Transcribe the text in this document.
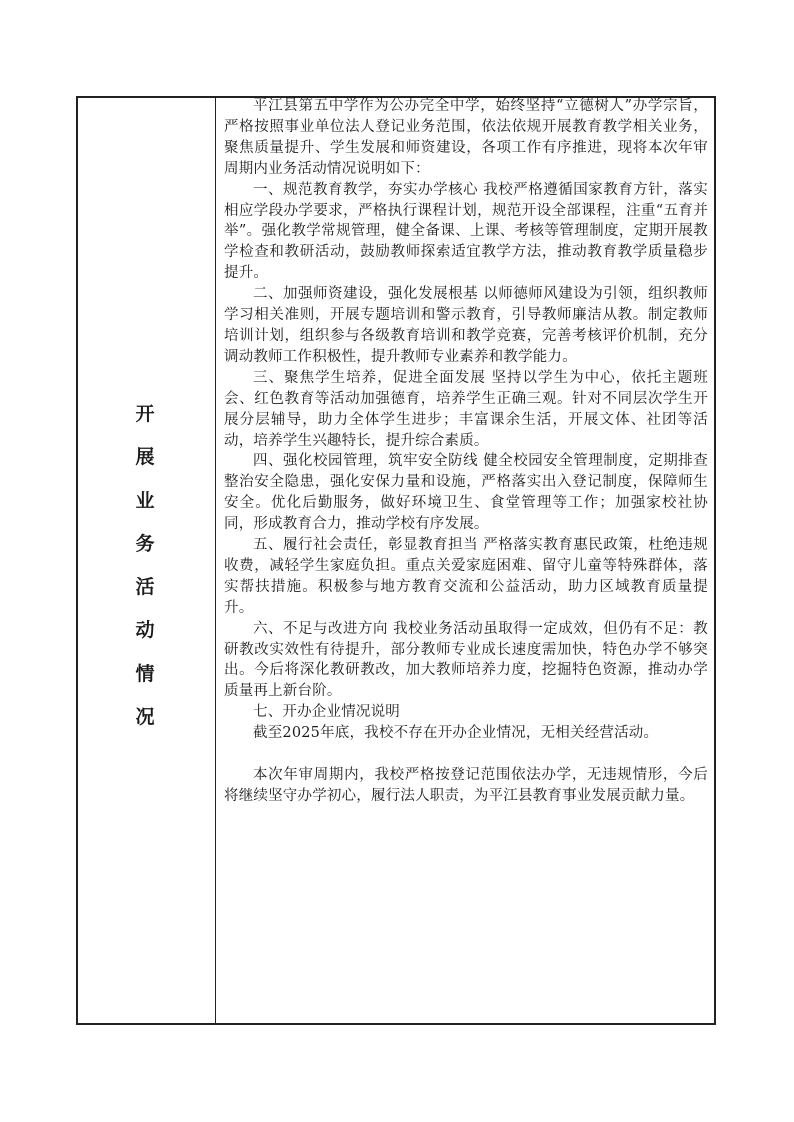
开
展
业
务
活
动
情
况

平江县第五中学作为公办完全中学，始终坚持“立德树人”办学宗旨，严格按照事业单位法人登记业务范围，依法依规开展教育教学相关业务，聚焦质量提升、学生发展和师资建设，各项工作有序推进，现将本次年审周期内业务活动情况说明如下：

一、规范教育教学，夯实办学核心 我校严格遵循国家教育方针，落实相应学段办学要求，严格执行课程计划，规范开设全部课程，注重“五育并举”。强化教学常规管理，健全备课、上课、考核等管理制度，定期开展教学检查和教研活动，鼓励教师探索适宜教学方法，推动教育教学质量稳步提升。

二、加强师资建设，强化发展根基 以师德师风建设为引领，组织教师学习相关准则，开展专题培训和警示教育，引导教师廉洁从教。制定教师培训计划，组织参与各级教育培训和教学竞赛，完善考核评价机制，充分调动教师工作积极性，提升教师专业素养和教学能力。

三、聚焦学生培养，促进全面发展 坚持以学生为中心，依托主题班会、红色教育等活动加强德育，培养学生正确三观。针对不同层次学生开展分层辅导，助力全体学生进步；丰富课余生活，开展文体、社团等活动，培养学生兴趣特长，提升综合素质。

四、强化校园管理，筑牢安全防线 健全校园安全管理制度，定期排查整治安全隐患，强化安保力量和设施，严格落实出入登记制度，保障师生安全。优化后勤服务，做好环境卫生、食堂管理等工作；加强家校社协同，形成教育合力，推动学校有序发展。

五、履行社会责任，彰显教育担当 严格落实教育惠民政策，杜绝违规收费，减轻学生家庭负担。重点关爱家庭困难、留守儿童等特殊群体，落实帮扶措施。积极参与地方教育交流和公益活动，助力区域教育质量提升。

六、不足与改进方向 我校业务活动虽取得一定成效，但仍有不足：教研教改实效性有待提升，部分教师专业成长速度需加快，特色办学不够突出。今后将深化教研教改，加大教师培养力度，挖掘特色资源，推动办学质量再上新台阶。

七、开办企业情况说明

截至2025年底，我校不存在开办企业情况，无相关经营活动。

本次年审周期内，我校严格按登记范围依法办学，无违规情形，今后将继续坚守办学初心，履行法人职责，为平江县教育事业发展贡献力量。
